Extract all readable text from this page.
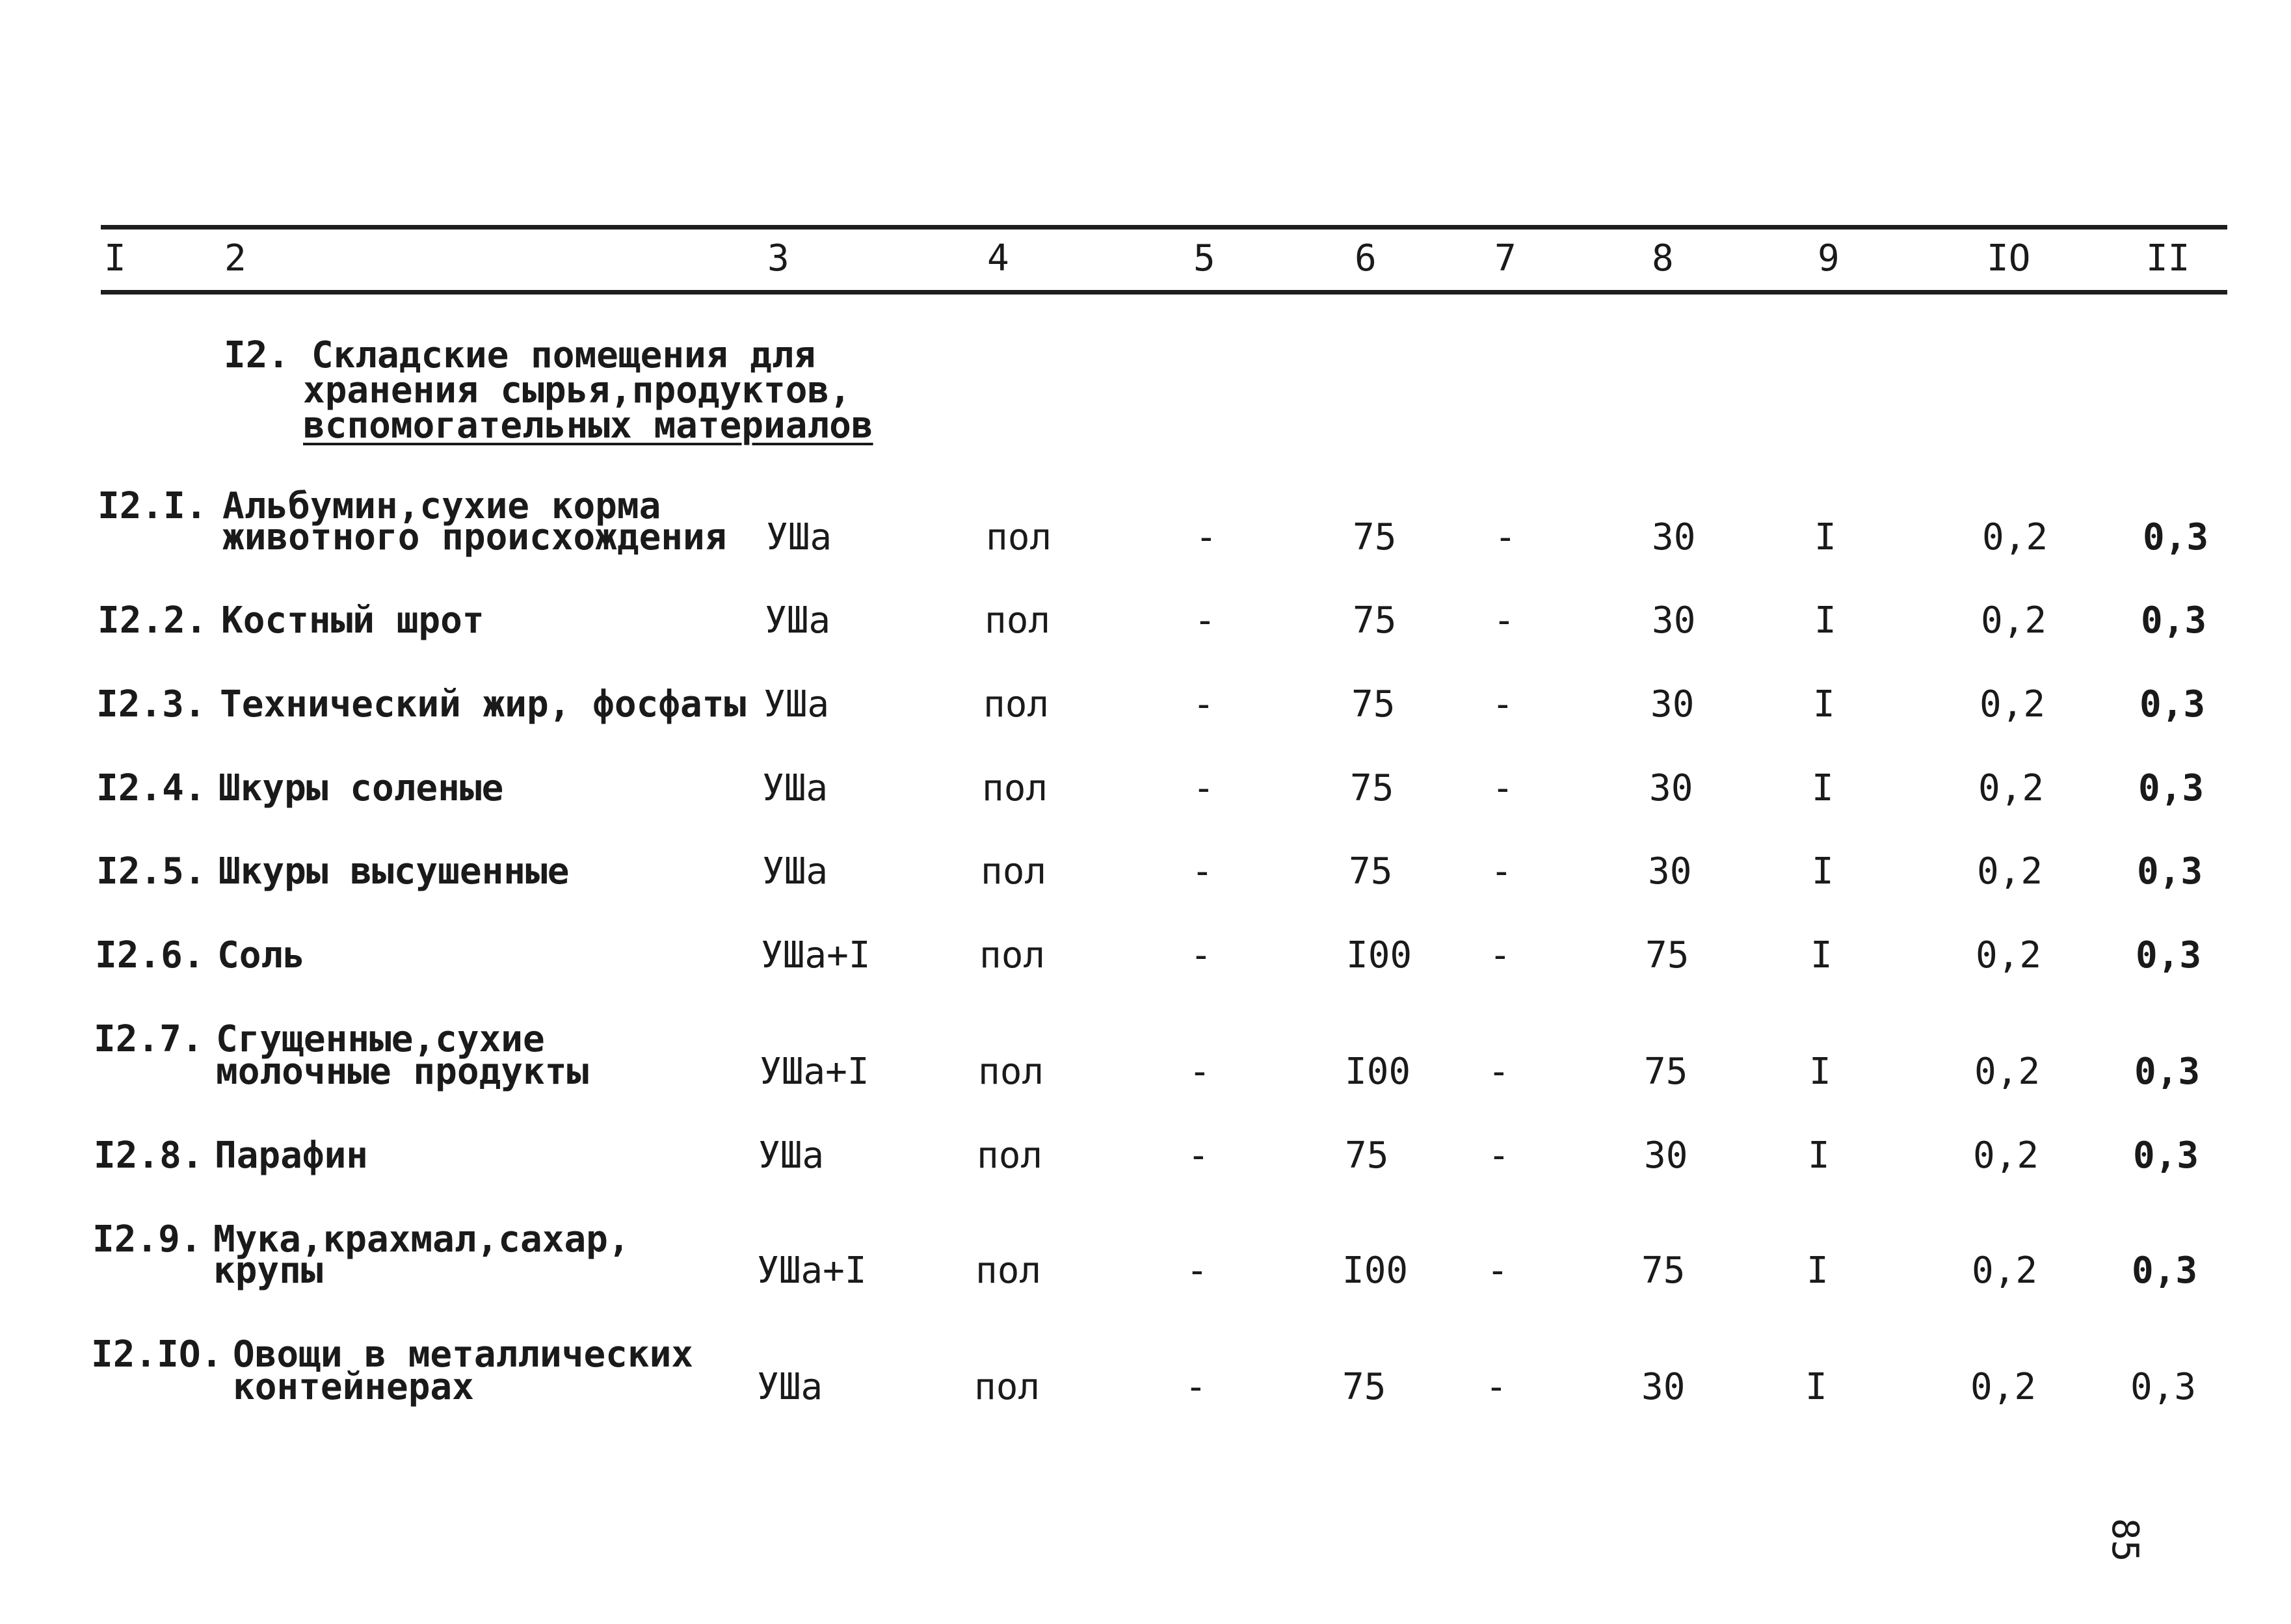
I	2	3	4	5	6	7	8	9	IO	II
I2. Складские помещения для
хранения сырья,продуктов,
вспомогательных материалов
I2.I. Альбумин,сухие корма
животного происхождения УШа	пол	-	75	-	30	I	0,2	0,3
I2.2. Костный шрот	УШа	пол	-	75	-	30	I	0,2	0,3
I2.3. Технический жир, фосфаты УШа	пол	-	75	-	30	I	0,2	0,3
I2.4. Шкуры соленые	УШа	пол	-	75	-	30	I	0,2	0,3
I2.5. Шкуры высушенные	УШа	пол	-	75	-	30	I	0,2	0,3
I2.6. Соль	УШа+I	пол	-	I00 -	75	I	0,2	0,3
I2.7. Сгущенные,сухие
молочные продукты	УШа+I	пол	-	I00 -	75	I	0,2	0,3
I2.8. Парафин	УШа	пол	-	75	-	30	I	0,2	0,3
I2.9. Мука,крахмал,сахар,
крупы	УШа+I	пол	-	I00 -	75	I	0,2	0,3
I2.IO. Овощи в металлических
контейнерах	УШа	пол	-	75	-	30	I	0,2	0,3
85
